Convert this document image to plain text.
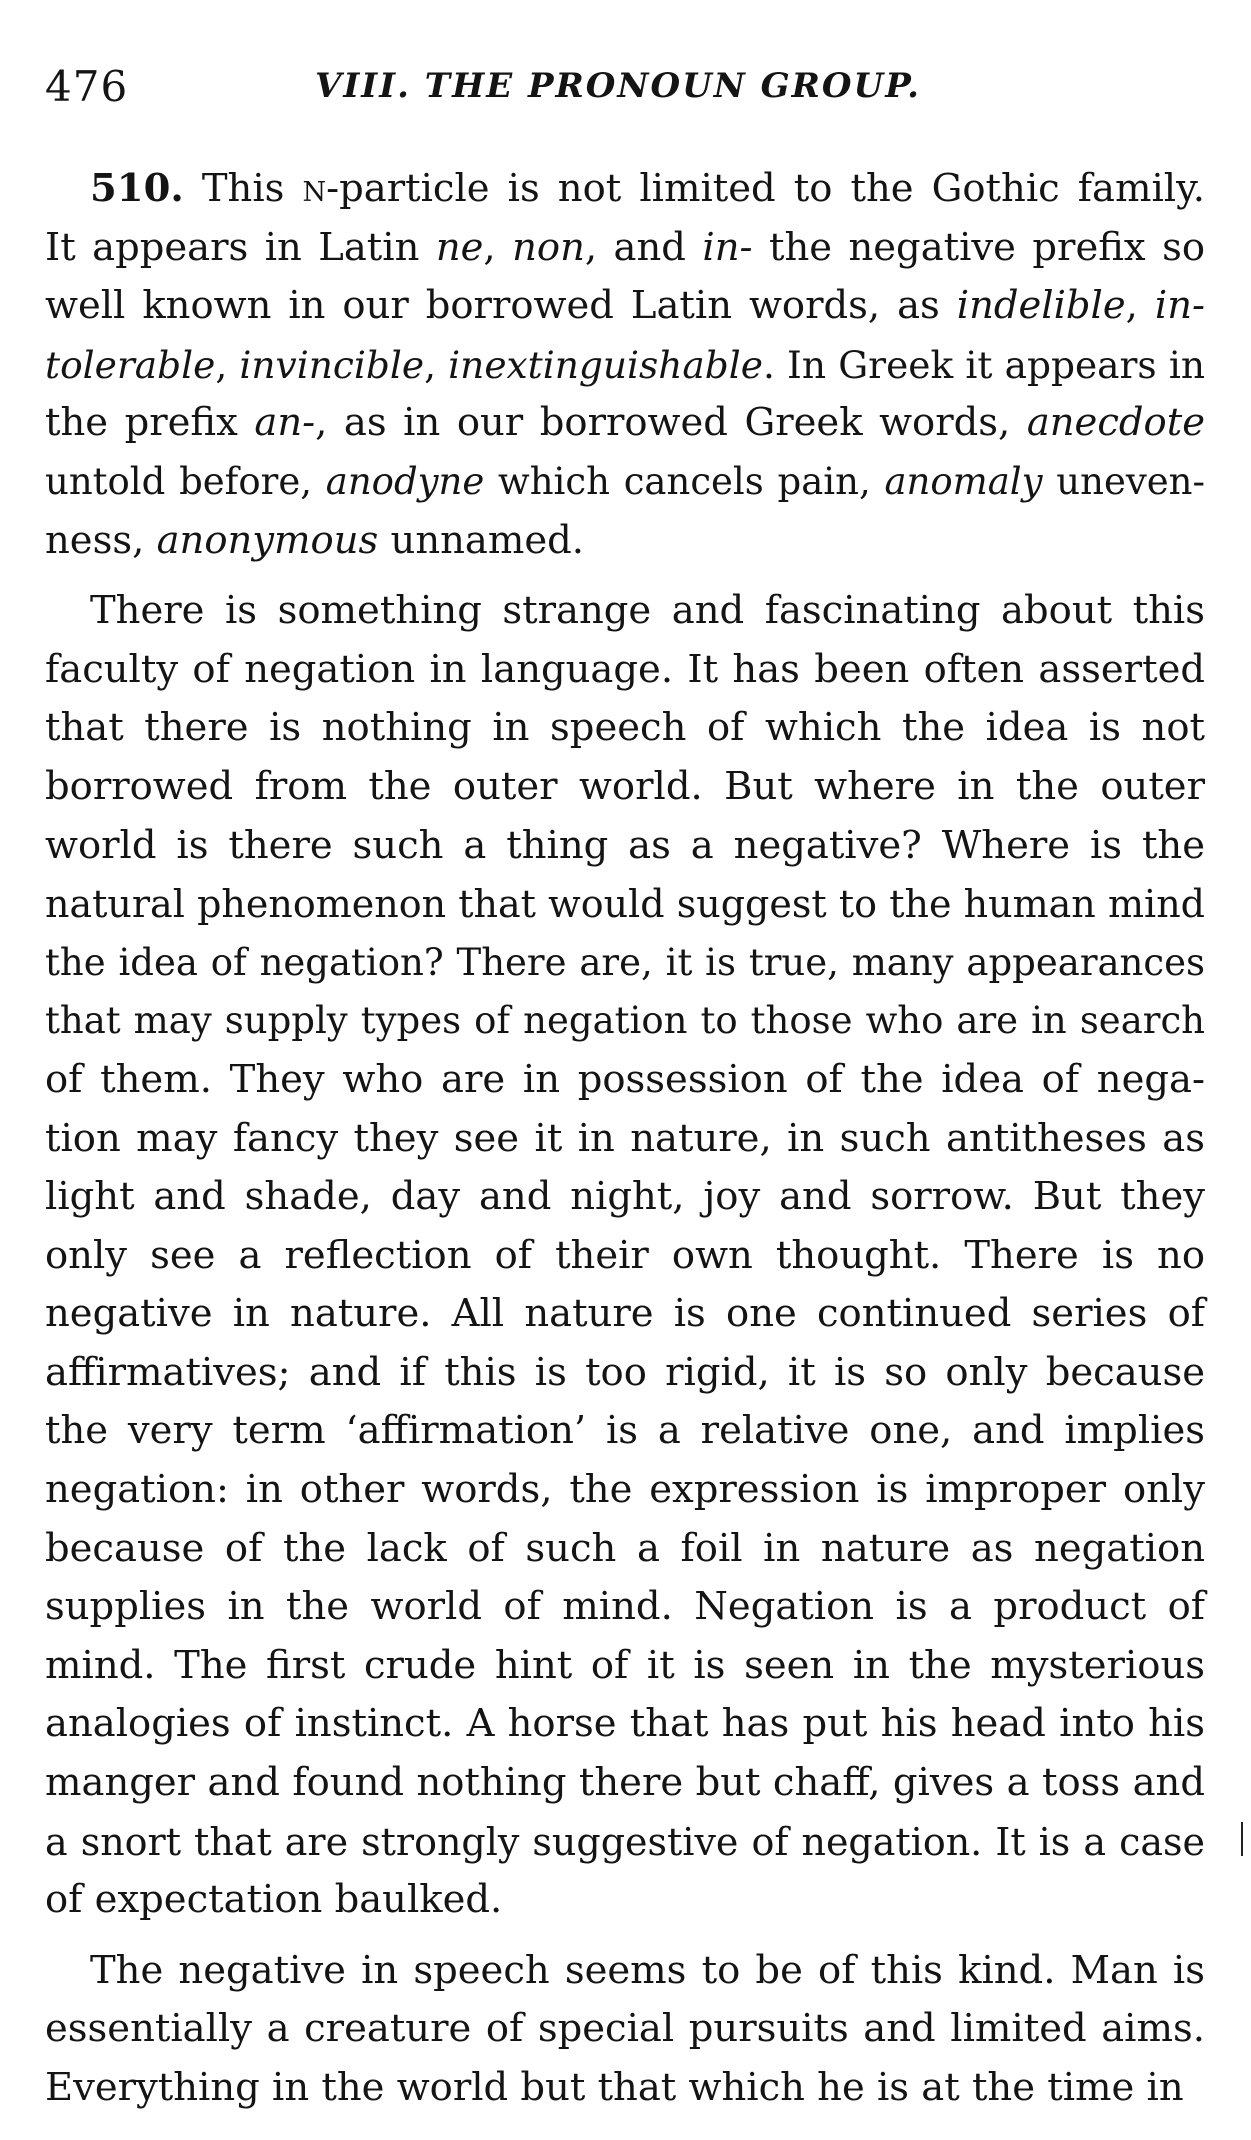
476	VIII. THE PRONOUN GROUP.
510. This n-particle is not limited to the Gothic family.
It appears in Latin ne, non, and in- the negative prefix so
well known in our borrowed Latin words, as indelible, in-
tolerable, invincible, inextinguishable. In Greek it appears in
the prefix an-, as in our borrowed Greek words, anecdote
untold before, anodyne which cancels pain, anomaly uneven-
ness, anonymous unnamed.
There is something strange and fascinating about this
faculty of negation in language. It has been often asserted
that there is nothing in speech of which the idea is not
borrowed from the outer world. But where in the outer
world is there such a thing as a negative? Where is the
natural phenomenon that would suggest to the human mind
the idea of negation? There are, it is true, many appearances
that may supply types of negation to those who are in search
of them. They who are in possession of the idea of nega-
tion may fancy they see it in nature, in such antitheses as
light and shade, day and night, joy and sorrow. But they
only see a reflection of their own thought. There is no
negative in nature. All nature is one continued series of
affirmatives; and if this is too rigid, it is so only because
the very term ‘affirmation’ is a relative one, and implies
negation: in other words, the expression is improper only
because of the lack of such a foil in nature as negation
supplies in the world of mind. Negation is a product of
mind. The first crude hint of it is seen in the mysterious
analogies of instinct. A horse that has put his head into his
manger and found nothing there but chaff, gives a toss and
a snort that are strongly suggestive of negation. It is a case
of expectation baulked.
The negative in speech seems to be of this kind. Man is
essentially a creature of special pursuits and limited aims.
Everything in the world but that which he is at the time in
